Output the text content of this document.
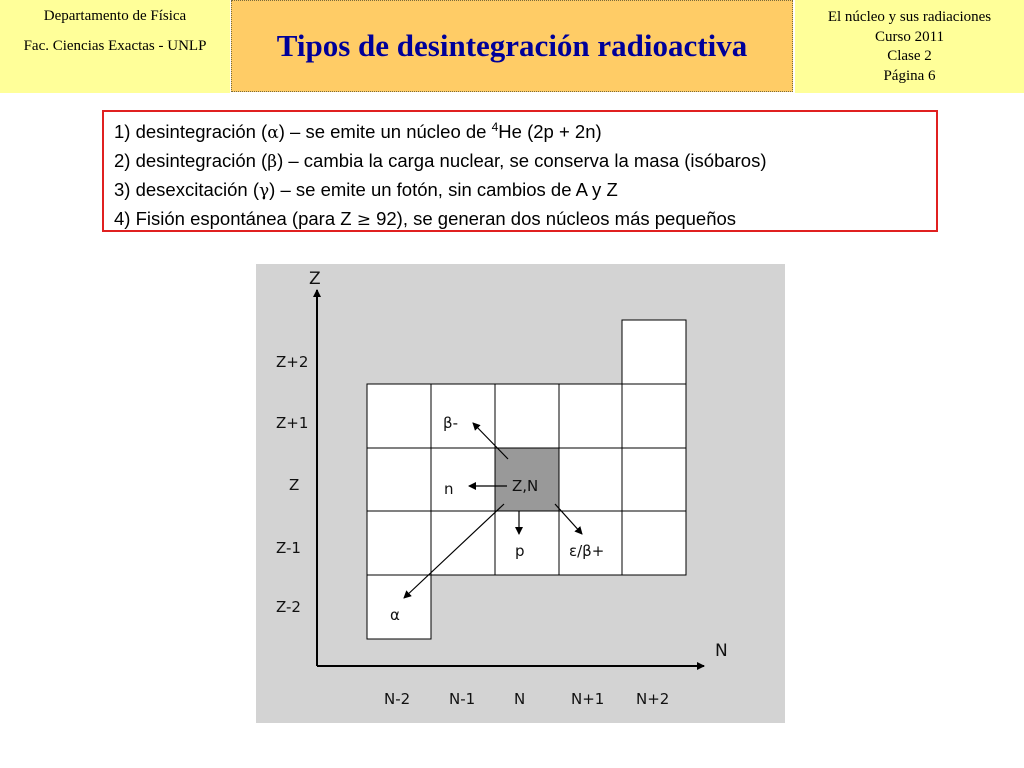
Departamento de Física
Fac. Ciencias Exactas - UNLP	Tipos de desintegración radioactiva
El núcleo y sus radiaciones
Curso 2011
Clase 2
Página 6
1) desintegración (α) – se emite un núcleo de $^4$He (2p + 2n)
2) desintegración (β) – cambia la carga nuclear, se conserva la masa (isóbaros)
3) desexcitación (γ) – se emite un fotón, sin cambios de A y Z
4) Fisión espontánea (para Z ≥ 92), se generan dos núcleos más pequeños
Z
N
Z+2
Z+1
Z
Z-1
Z-2
N-2	N-1	N	N+1 N+2
Z,N
β-
n
p	ε/β+
α
